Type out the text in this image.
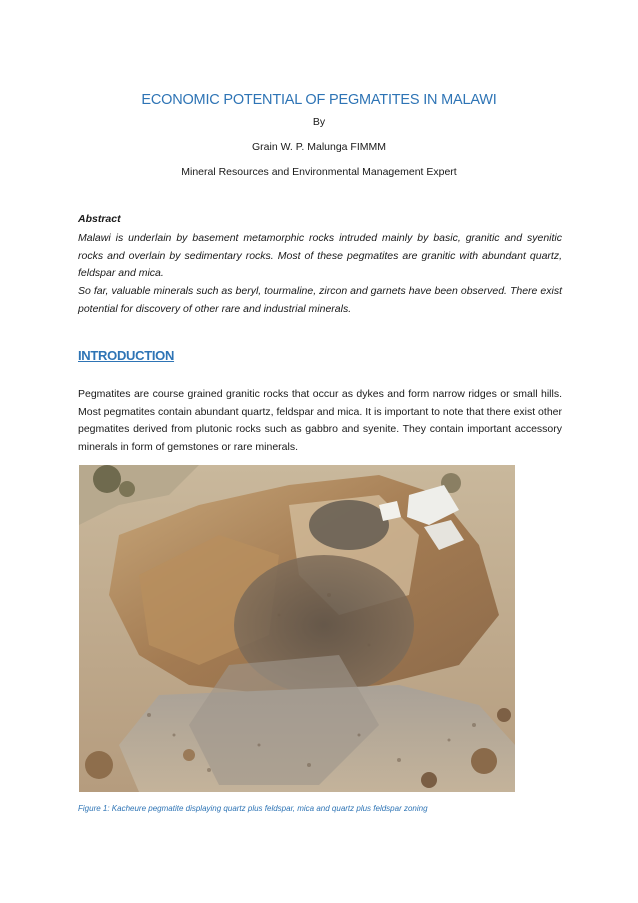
ECONOMIC POTENTIAL OF PEGMATITES IN MALAWI
By
Grain W. P. Malunga FIMMM
Mineral Resources and Environmental Management Expert
Abstract

Malawi is underlain by basement metamorphic rocks intruded mainly by basic, granitic and syenitic rocks and overlain by sedimentary rocks. Most of these pegmatites are granitic with abundant quartz, feldspar and mica.

So far, valuable minerals such as beryl, tourmaline, zircon and garnets have been observed. There exist potential for discovery of other rare and industrial minerals.

INTRODUCTION

Pegmatites are course grained granitic rocks that occur as dykes and form narrow ridges or small hills. Most pegmatites contain abundant quartz, feldspar and mica. It is important to note that there exist other pegmatites derived from plutonic rocks such as gabbro and syenite. They contain important accessory minerals in form of gemstones or rare minerals.

Figure 1: Kacheure pegmatite displaying quartz plus feldspar, mica and quartz plus feldspar zoning
